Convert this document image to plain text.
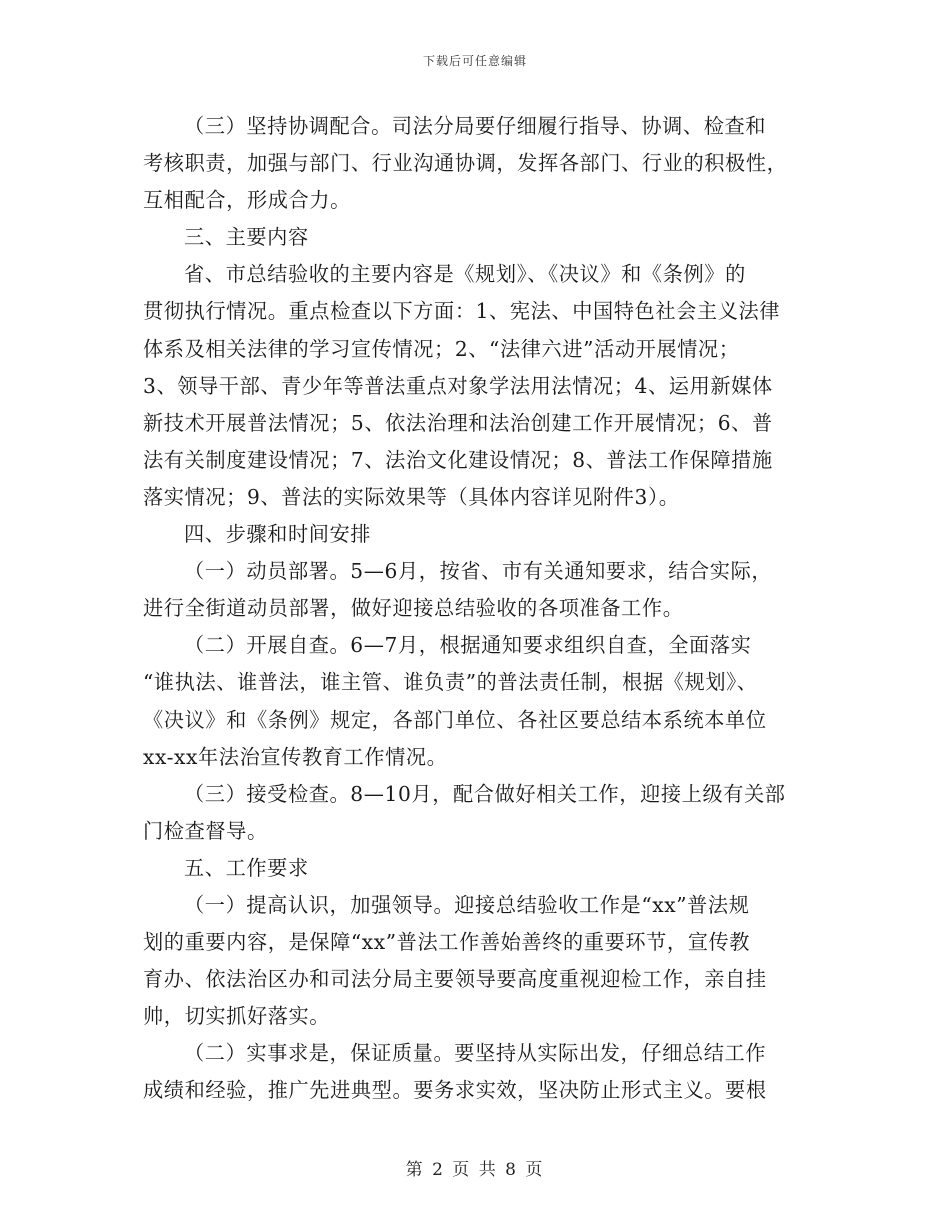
下载后可任意编辑
（三）坚持协调配合。司法分局要仔细履行指导、协调、检查和
考核职责，加强与部门、行业沟通协调，发挥各部门、行业的积极性，
互相配合，形成合力。
三、主要内容
省、市总结验收的主要内容是《规划》、《决议》和《条例》的
贯彻执行情况。重点检查以下方面：1、宪法、中国特色社会主义法律
体系及相关法律的学习宣传情况；2、“法律六进”活动开展情况；
3、领导干部、青少年等普法重点对象学法用法情况；4、运用新媒体
新技术开展普法情况；5、依法治理和法治创建工作开展情况；6、普
法有关制度建设情况；7、法治文化建设情况；8、普法工作保障措施
落实情况；9、普法的实际效果等（具体内容详见附件3）。
四、步骤和时间安排
（一）动员部署。5—6月，按省、市有关通知要求，结合实际，
进行全街道动员部署，做好迎接总结验收的各项准备工作。
（二）开展自查。6—7月，根据通知要求组织自查，全面落实
“谁执法、谁普法，谁主管、谁负责”的普法责任制，根据《规划》、
《决议》和《条例》规定，各部门单位、各社区要总结本系统本单位
xx-xx年法治宣传教育工作情况。
（三）接受检查。8—10月，配合做好相关工作，迎接上级有关部
门检查督导。
五、工作要求
（一）提高认识，加强领导。迎接总结验收工作是“xx”普法规
划的重要内容，是保障“xx”普法工作善始善终的重要环节，宣传教
育办、依法治区办和司法分局主要领导要高度重视迎检工作，亲自挂
帅，切实抓好落实。
（二）实事求是，保证质量。要坚持从实际出发，仔细总结工作
成绩和经验，推广先进典型。要务求实效，坚决防止形式主义。要根
第 2 页 共 8 页
